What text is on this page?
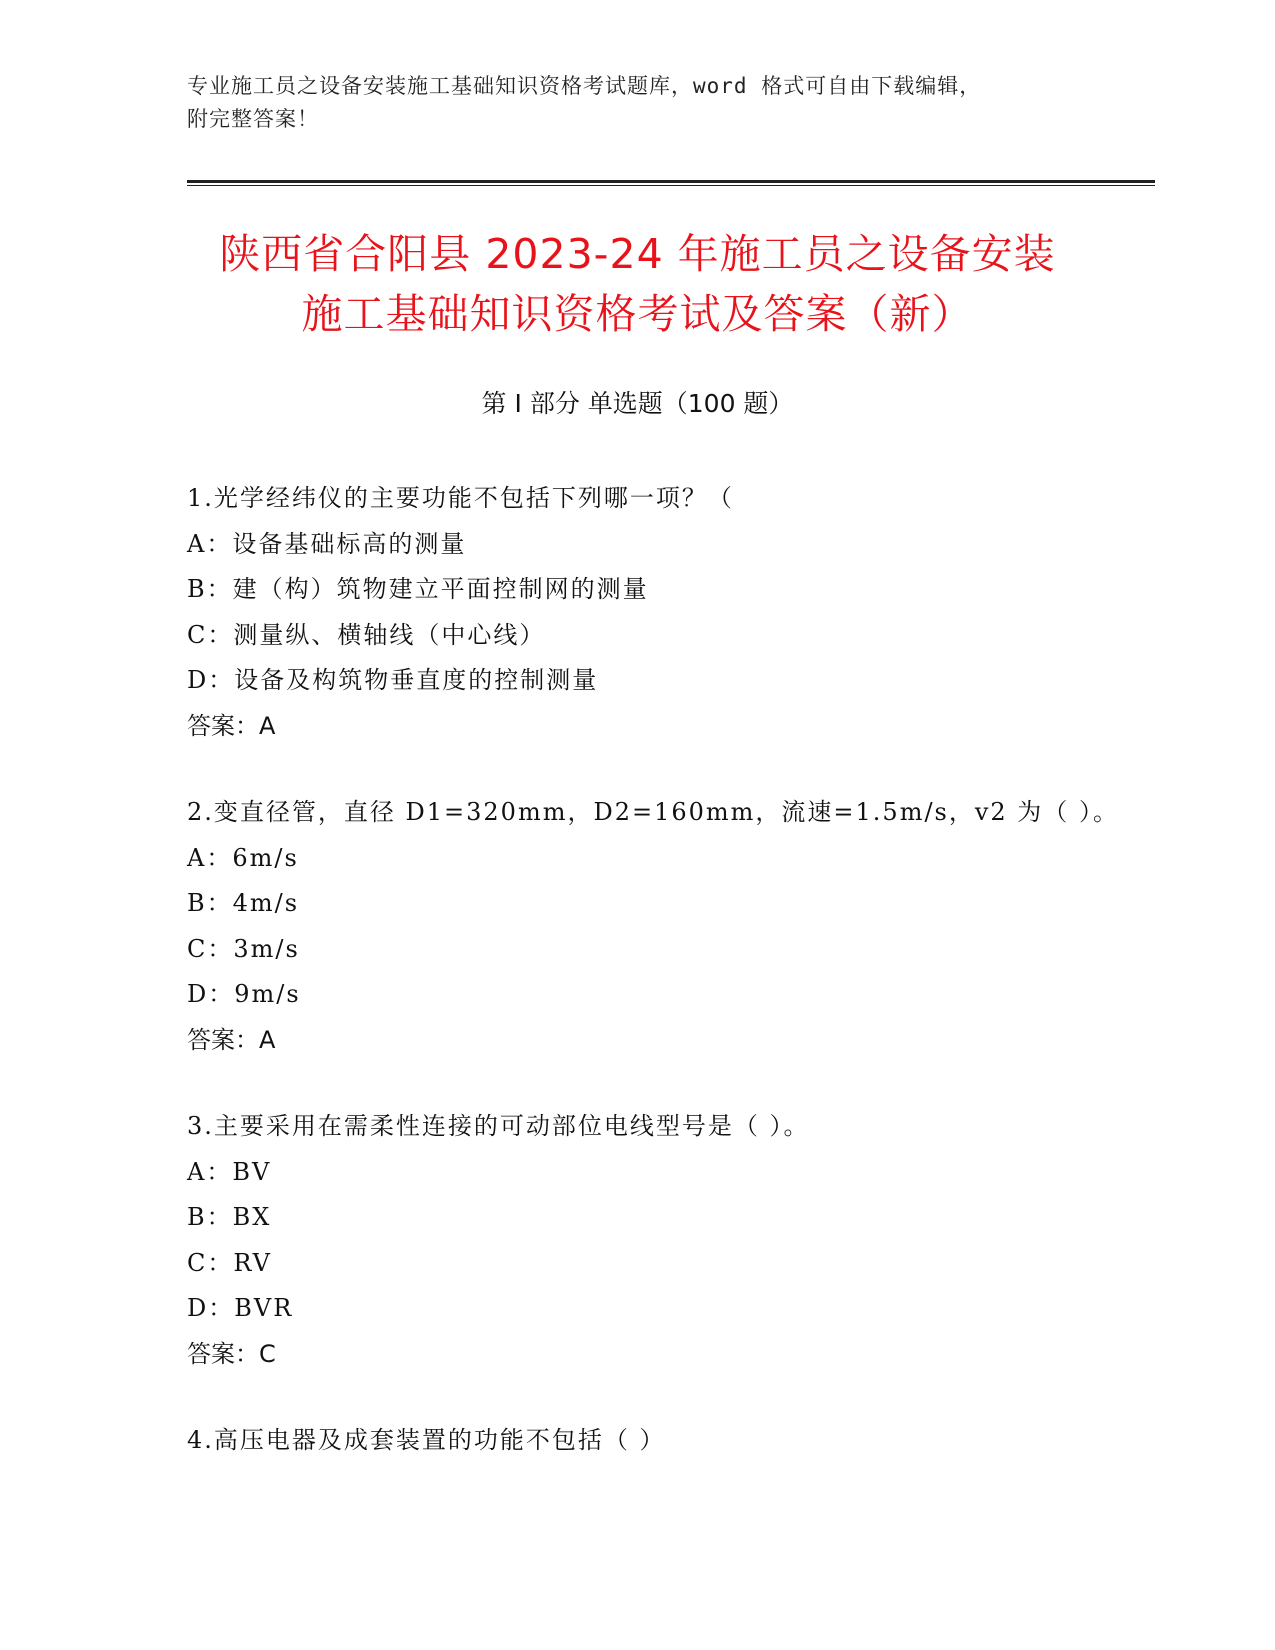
专业施工员之设备安装施工基础知识资格考试题库，word 格式可自由下载编辑，
附完整答案！
陕西省合阳县 2023-24 年施工员之设备安装
施工基础知识资格考试及答案（新）
第 I 部分 单选题（100 题）
1.光学经纬仪的主要功能不包括下列哪一项？（
A：设备基础标高的测量
B：建（构）筑物建立平面控制网的测量
C：测量纵、横轴线（中心线）
D：设备及构筑物垂直度的控制测量
答案：A
2.变直径管，直径 D1=320mm，D2=160mm，流速=1.5m/s，v2 为（ ）。
A：6m/s
B：4m/s
C：3m/s
D：9m/s
答案：A
3.主要采用在需柔性连接的可动部位电线型号是（ ）。
A：BV
B：BX
C：RV
D：BVR
答案：C
4.高压电器及成套装置的功能不包括（ ）
